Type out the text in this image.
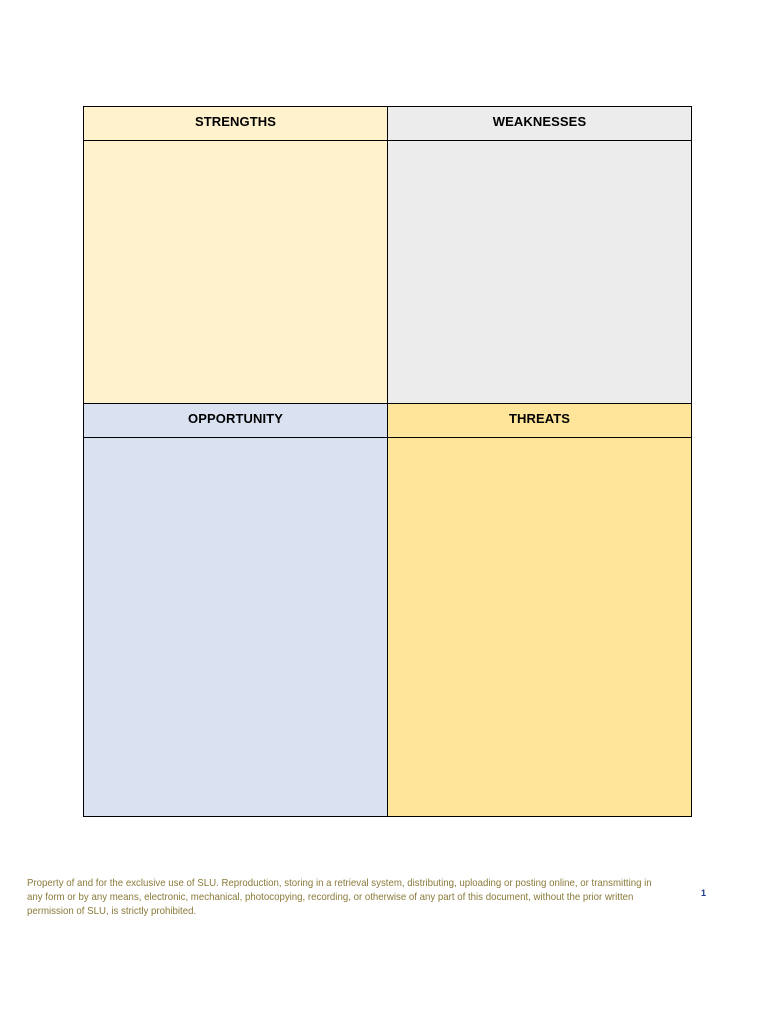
STRENGTHS	WEAKNESSES

OPPORTUNITY	THREATS

Property of and for the exclusive use of SLU. Reproduction, storing in a retrieval system, distributing, uploading or posting online, or transmitting in any form or by any means, electronic, mechanical, photocopying, recording, or otherwise of any part of this document, without the prior written permission of SLU, is strictly prohibited.
1
